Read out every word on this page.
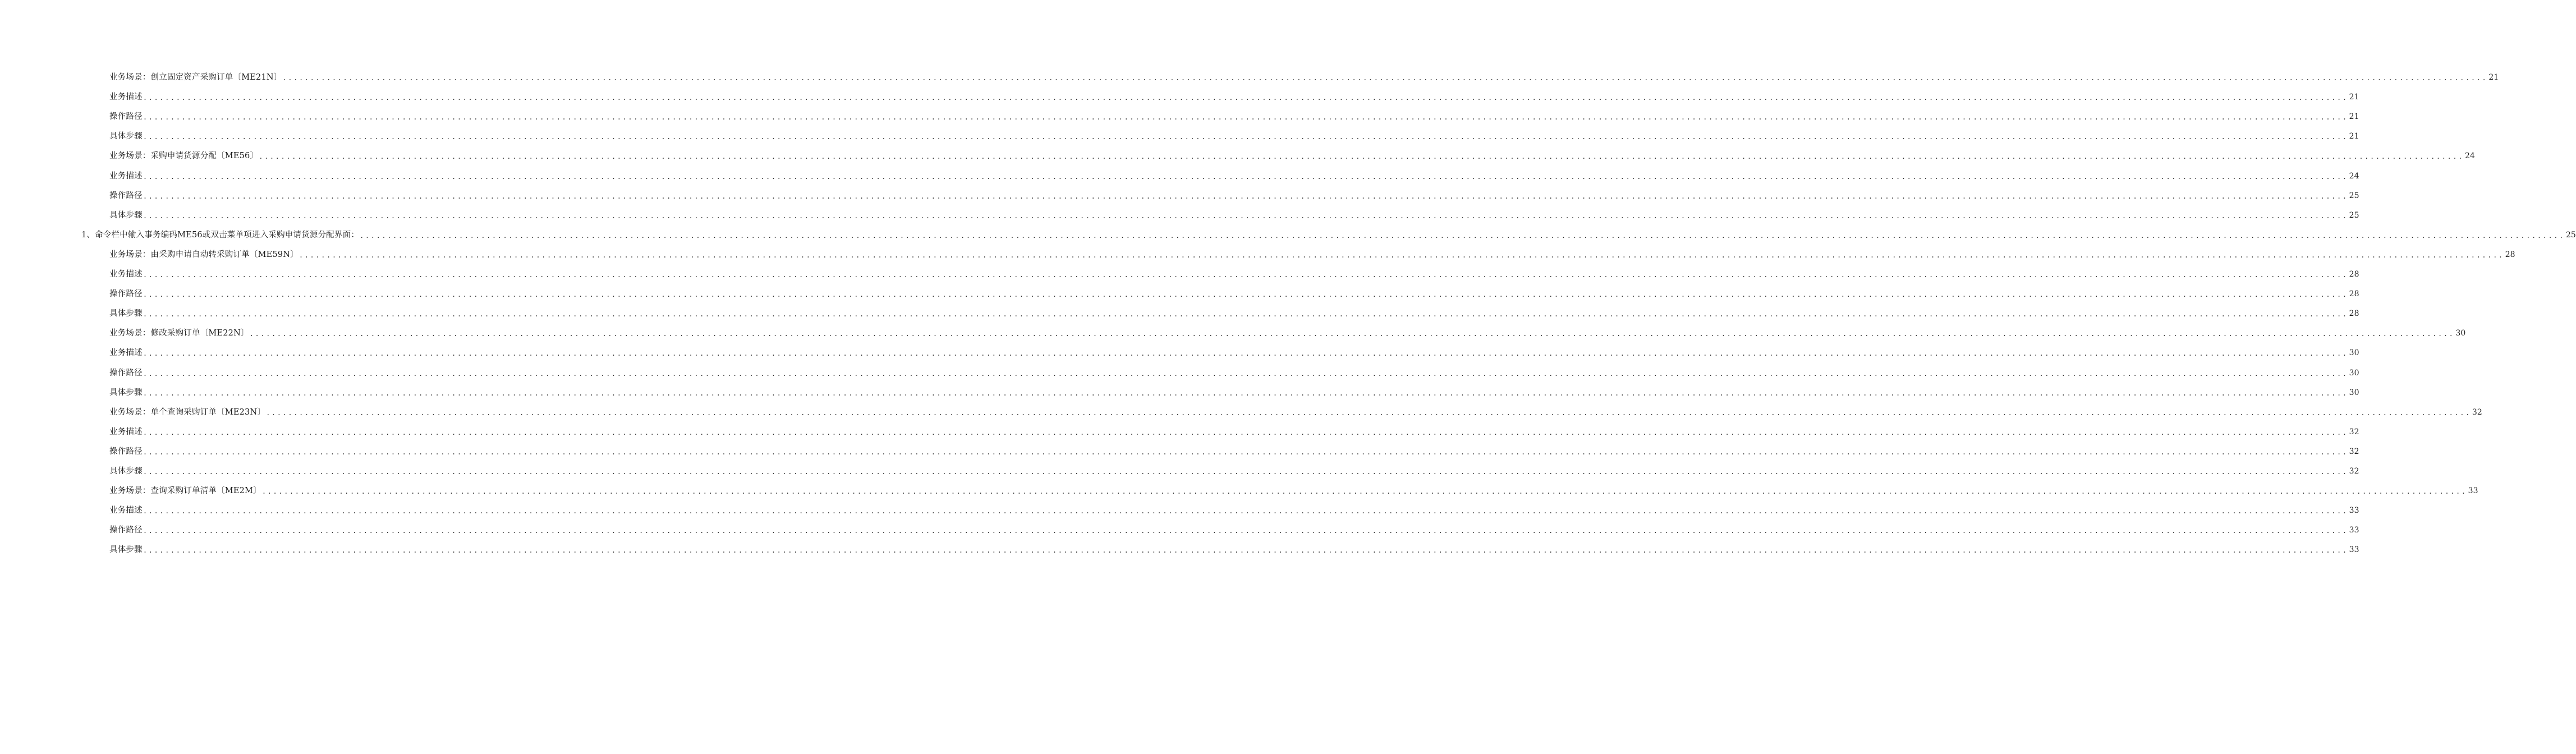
业务场景：创立固定资产采购订单〔ME21N〕 ................................................................................................................................................................................................................................................................................................................................................................................................................ 21
业务描述 ................................................................................................................................................................................................................................................................................................................................................................................................................ 21
操作路径 ................................................................................................................................................................................................................................................................................................................................................................................................................ 21
具体步骤 ................................................................................................................................................................................................................................................................................................................................................................................................................ 21
业务场景：采购申请货源分配〔ME56〕 ................................................................................................................................................................................................................................................................................................................................................................................................................ 24
业务描述 ................................................................................................................................................................................................................................................................................................................................................................................................................ 24
操作路径 ................................................................................................................................................................................................................................................................................................................................................................................................................ 25
具体步骤 ................................................................................................................................................................................................................................................................................................................................................................................................................ 25
1、命令栏中输入事务编码ME56或双击菜单项进入采购申请货源分配界面： ................................................................................................................................................................................................................................................................................................................................................................................................................ 25
业务场景：由采购申请自动转采购订单〔ME59N〕 ................................................................................................................................................................................................................................................................................................................................................................................................................ 28
业务描述 ................................................................................................................................................................................................................................................................................................................................................................................................................ 28
操作路径 ................................................................................................................................................................................................................................................................................................................................................................................................................ 28
具体步骤 ................................................................................................................................................................................................................................................................................................................................................................................................................ 28
业务场景：修改采购订单〔ME22N〕 ................................................................................................................................................................................................................................................................................................................................................................................................................ 30
业务描述 ................................................................................................................................................................................................................................................................................................................................................................................................................ 30
操作路径 ................................................................................................................................................................................................................................................................................................................................................................................................................ 30
具体步骤 ................................................................................................................................................................................................................................................................................................................................................................................................................ 30
业务场景：单个查询采购订单〔ME23N〕 ................................................................................................................................................................................................................................................................................................................................................................................................................ 32
业务描述 ................................................................................................................................................................................................................................................................................................................................................................................................................ 32
操作路径 ................................................................................................................................................................................................................................................................................................................................................................................................................ 32
具体步骤 ................................................................................................................................................................................................................................................................................................................................................................................................................ 32
业务场景：查询采购订单清单〔ME2M〕 ................................................................................................................................................................................................................................................................................................................................................................................................................ 33
业务描述 ................................................................................................................................................................................................................................................................................................................................................................................................................ 33
操作路径 ................................................................................................................................................................................................................................................................................................................................................................................................................ 33
具体步骤 ................................................................................................................................................................................................................................................................................................................................................................................................................ 33
